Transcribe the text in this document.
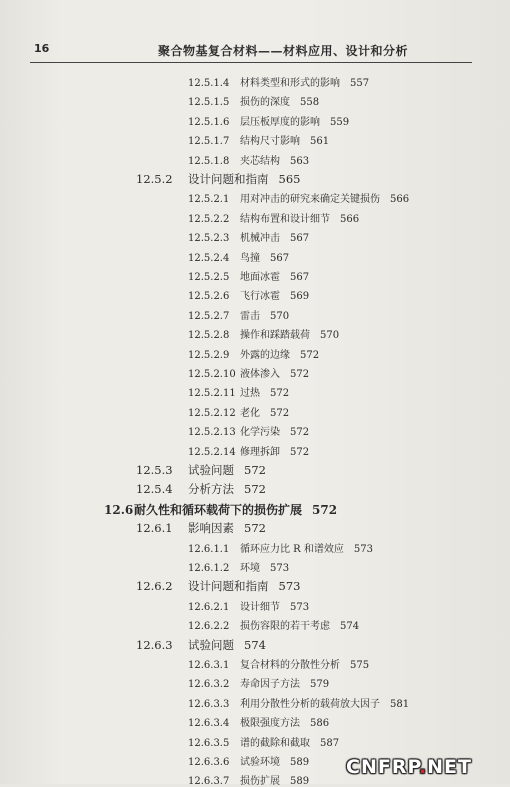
16	聚合物基复合材料——材料应用、设计和分析
12.5.1.4 材料类型和形式的影响 557
12.5.1.5 损伤的深度 558
12.5.1.6 层压板厚度的影响 559
12.5.1.7 结构尺寸影响 561
12.5.1.8 夹芯结构 563
12.5.2 设计问题和指南 565
12.5.2.1 用对冲击的研究来确定关键损伤 566
12.5.2.2 结构布置和设计细节 566
12.5.2.3 机械冲击 567
12.5.2.4 鸟撞 567
12.5.2.5 地面冰雹 567
12.5.2.6 飞行冰雹 569
12.5.2.7 雷击 570
12.5.2.8 操作和踩踏载荷 570
12.5.2.9 外露的边缘 572
12.5.2.10 液体渗入 572
12.5.2.11 过热 572
12.5.2.12 老化 572
12.5.2.13 化学污染 572
12.5.2.14 修理拆卸 572
12.5.3 试验问题 572
12.5.4 分析方法 572
12.6耐久性和循环载荷下的损伤扩展 572
12.6.1 影响因素 572
12.6.1.1 循环应力比 R 和谱效应 573
12.6.1.2 环境 573
12.6.2 设计问题和指南 573
12.6.2.1 设计细节 573
12.6.2.2 损伤容限的若干考虑 574
12.6.3 试验问题 574
12.6.3.1 复合材料的分散性分析 575
12.6.3.2 寿命因子方法 579
12.6.3.3 利用分散性分析的载荷放大因子 581
12.6.3.4 极限强度方法 586
12.6.3.5 谱的截除和截取 587
12.6.3.6 试验环境 589
12.6.3.7 损伤扩展 589
CNFRP.NET
